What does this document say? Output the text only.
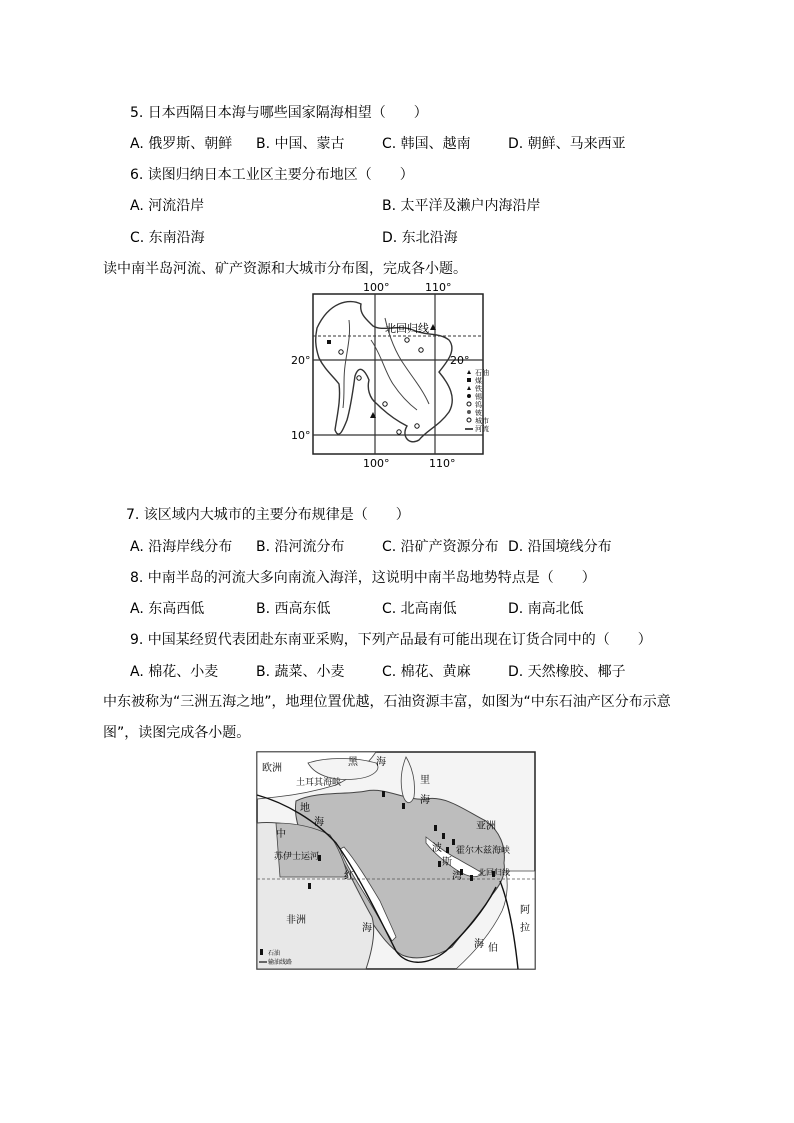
5. 日本西隔日本海与哪些国家隔海相望（　　）
A. 俄罗斯、朝鲜 B. 中国、蒙古	C. 韩国、越南	D. 朝鲜、马来西亚
6. 读图归纳日本工业区主要分布地区（　　）
A. 河流沿岸	B. 太平洋及濑户内海沿岸
C. 东南沿海	D. 东北沿海
读中南半岛河流、矿产资源和大城市分布图，完成各小题。
100°	110°
100°	110°
20°
10°
20°
北回归线
石油
煤
铁
锡
钨
铍
城市
河流
7. 该区域内大城市的主要分布规律是（　　）
A. 沿海岸线分布 B. 沿河流分布	C. 沿矿产资源分布 D. 沿国境线分布
8. 中南半岛的河流大多向南流入海洋，这说明中南半岛地势特点是（　　）
A. 东高西低	B. 西高东低	C. 北高南低	D. 南高北低
9. 中国某经贸代表团赴东南亚采购，下列产品最有可能出现在订货合同中的（　　）
A. 棉花、小麦	B. 蔬菜、小麦	C. 棉花、黄麻	D. 天然橡胶、椰子
中东被称为“三洲五海之地”，地理位置优越，石油资源丰富，如图为“中东石油产区分布示意
图”，读图完成各小题。
欧洲
黑 海
土耳其海峡	里
海
地
中
海	亚洲
苏伊士运河
波
斯
湾
霍尔木兹海峡
北回归线
红
海
非洲
阿
拉
伯
海
石油
输油线路
